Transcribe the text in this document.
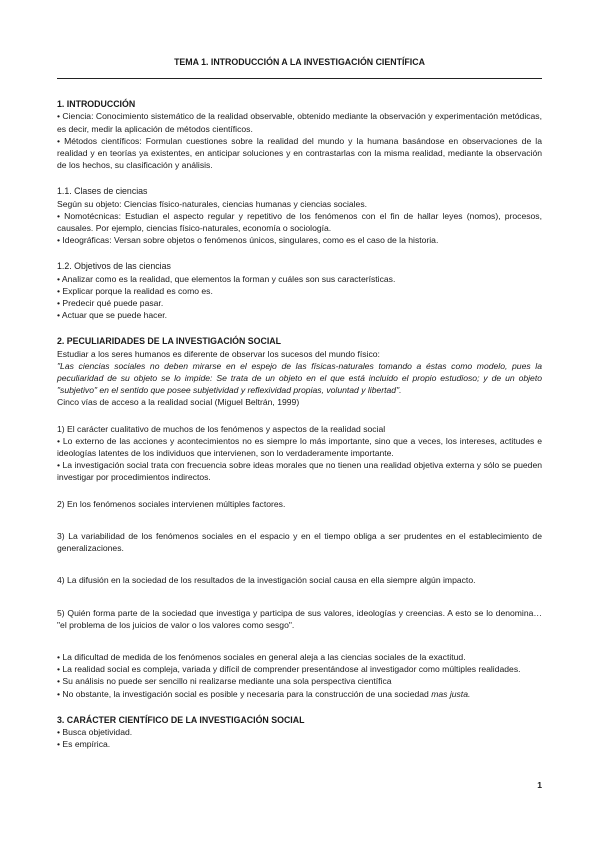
TEMA 1. INTRODUCCIÓN A LA INVESTIGACIÓN CIENTÍFICA
1. INTRODUCCIÓN

• Ciencia: Conocimiento sistemático de la realidad observable, obtenido mediante la observación y experimentación metódicas, es decir, medir la aplicación de métodos científicos.

• Métodos científicos: Formulan cuestiones sobre la realidad del mundo y la humana basándose en observaciones de la realidad y en teorías ya existentes, en anticipar soluciones y en contrastarlas con la misma realidad, mediante la observación de los hechos, su clasificación y análisis.

1.1. Clases de ciencias

Según su objeto: Ciencias físico-naturales, ciencias humanas y ciencias sociales.

• Nomotécnicas: Estudian el aspecto regular y repetitivo de los fenómenos con el fin de hallar leyes (nomos), procesos, causales. Por ejemplo, ciencias físico-naturales, economía o sociología.

• Ideográficas: Versan sobre objetos o fenómenos únicos, singulares, como es el caso de la historia.

1.2. Objetivos de las ciencias

• Analizar como es la realidad, que elementos la forman y cuáles son sus características.

• Explicar porque la realidad es como es.

• Predecir qué puede pasar.

• Actuar que se puede hacer.

2. PECULIARIDADES DE LA INVESTIGACIÓN SOCIAL

Estudiar a los seres humanos es diferente de observar los sucesos del mundo físico:

"Las ciencias sociales no deben mirarse en el espejo de las físicas-naturales tomando a éstas como modelo, pues la peculiaridad de su objeto se lo impide: Se trata de un objeto en el que está incluido el propio estudioso; y de un objeto "subjetivo" en el sentido que posee subjetividad y reflexividad propias, voluntad y libertad".

Cinco vías de acceso a la realidad social (Miguel Beltrán, 1999)

1) El carácter cualitativo de muchos de los fenómenos y aspectos de la realidad social

• Lo externo de las acciones y acontecimientos no es siempre lo más importante, sino que a veces, los intereses, actitudes e ideologías latentes de los individuos que intervienen, son lo verdaderamente importante.

• La investigación social trata con frecuencia sobre ideas morales que no tienen una realidad objetiva externa y sólo se pueden investigar por procedimientos indirectos.

2) En los fenómenos sociales intervienen múltiples factores.

3) La variabilidad de los fenómenos sociales en el espacio y en el tiempo obliga a ser prudentes en el establecimiento de generalizaciones.

4) La difusión en la sociedad de los resultados de la investigación social causa en ella siempre algún impacto.

5) Quién forma parte de la sociedad que investiga y participa de sus valores, ideologías y creencias. A esto se lo denomina… "el problema de los juicios de valor o los valores como sesgo".

• La dificultad de medida de los fenómenos sociales en general aleja a las ciencias sociales de la exactitud.

• La realidad social es compleja, variada y difícil de comprender presentándose al investigador como múltiples realidades.

• Su análisis no puede ser sencillo ni realizarse mediante una sola perspectiva científica

• No obstante, la investigación social es posible y necesaria para la construcción de una sociedad mas justa.

3. CARÁCTER CIENTÍFICO DE LA INVESTIGACIÓN SOCIAL

• Busca objetividad.

• Es empírica.

1
